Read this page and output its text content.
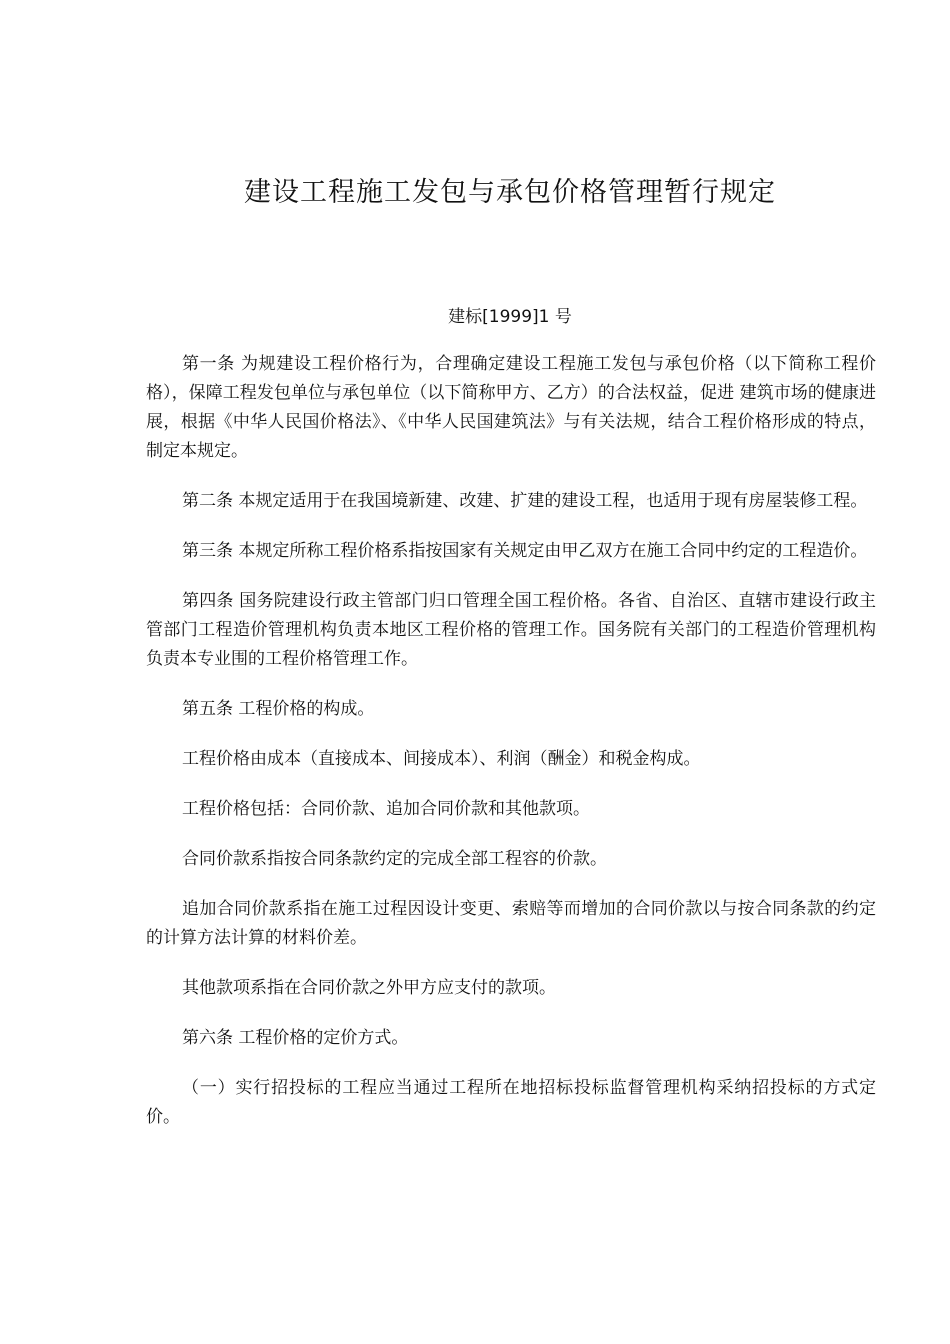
建设工程施工发包与承包价格管理暂行规定

建标[1999]1 号

第一条 为规建设工程价格行为，合理确定建设工程施工发包与承包价格（以下简称工程价格），保障工程发包单位与承包单位（以下简称甲方、乙方）的合法权益，促进 建筑市场的健康进展，根据《中华人民国价格法》、《中华人民国建筑法》与有关法规，结合工程价格形成的特点，制定本规定。

第二条 本规定适用于在我国境新建、改建、扩建的建设工程，也适用于现有房屋装修工程。

第三条 本规定所称工程价格系指按国家有关规定由甲乙双方在施工合同中约定的工程造价。

第四条 国务院建设行政主管部门归口管理全国工程价格。各省、自治区、直辖市建设行政主管部门工程造价管理机构负责本地区工程价格的管理工作。国务院有关部门的工程造价管理机构负责本专业围的工程价格管理工作。

第五条 工程价格的构成。

工程价格由成本（直接成本、间接成本）、利润（酬金）和税金构成。

工程价格包括：合同价款、追加合同价款和其他款项。

合同价款系指按合同条款约定的完成全部工程容的价款。

追加合同价款系指在施工过程因设计变更、索赔等而增加的合同价款以与按合同条款的约定的计算方法计算的材料价差。

其他款项系指在合同价款之外甲方应支付的款项。

第六条 工程价格的定价方式。

（一）实行招投标的工程应当通过工程所在地招标投标监督管理机构采纳招投标的方式定价。
